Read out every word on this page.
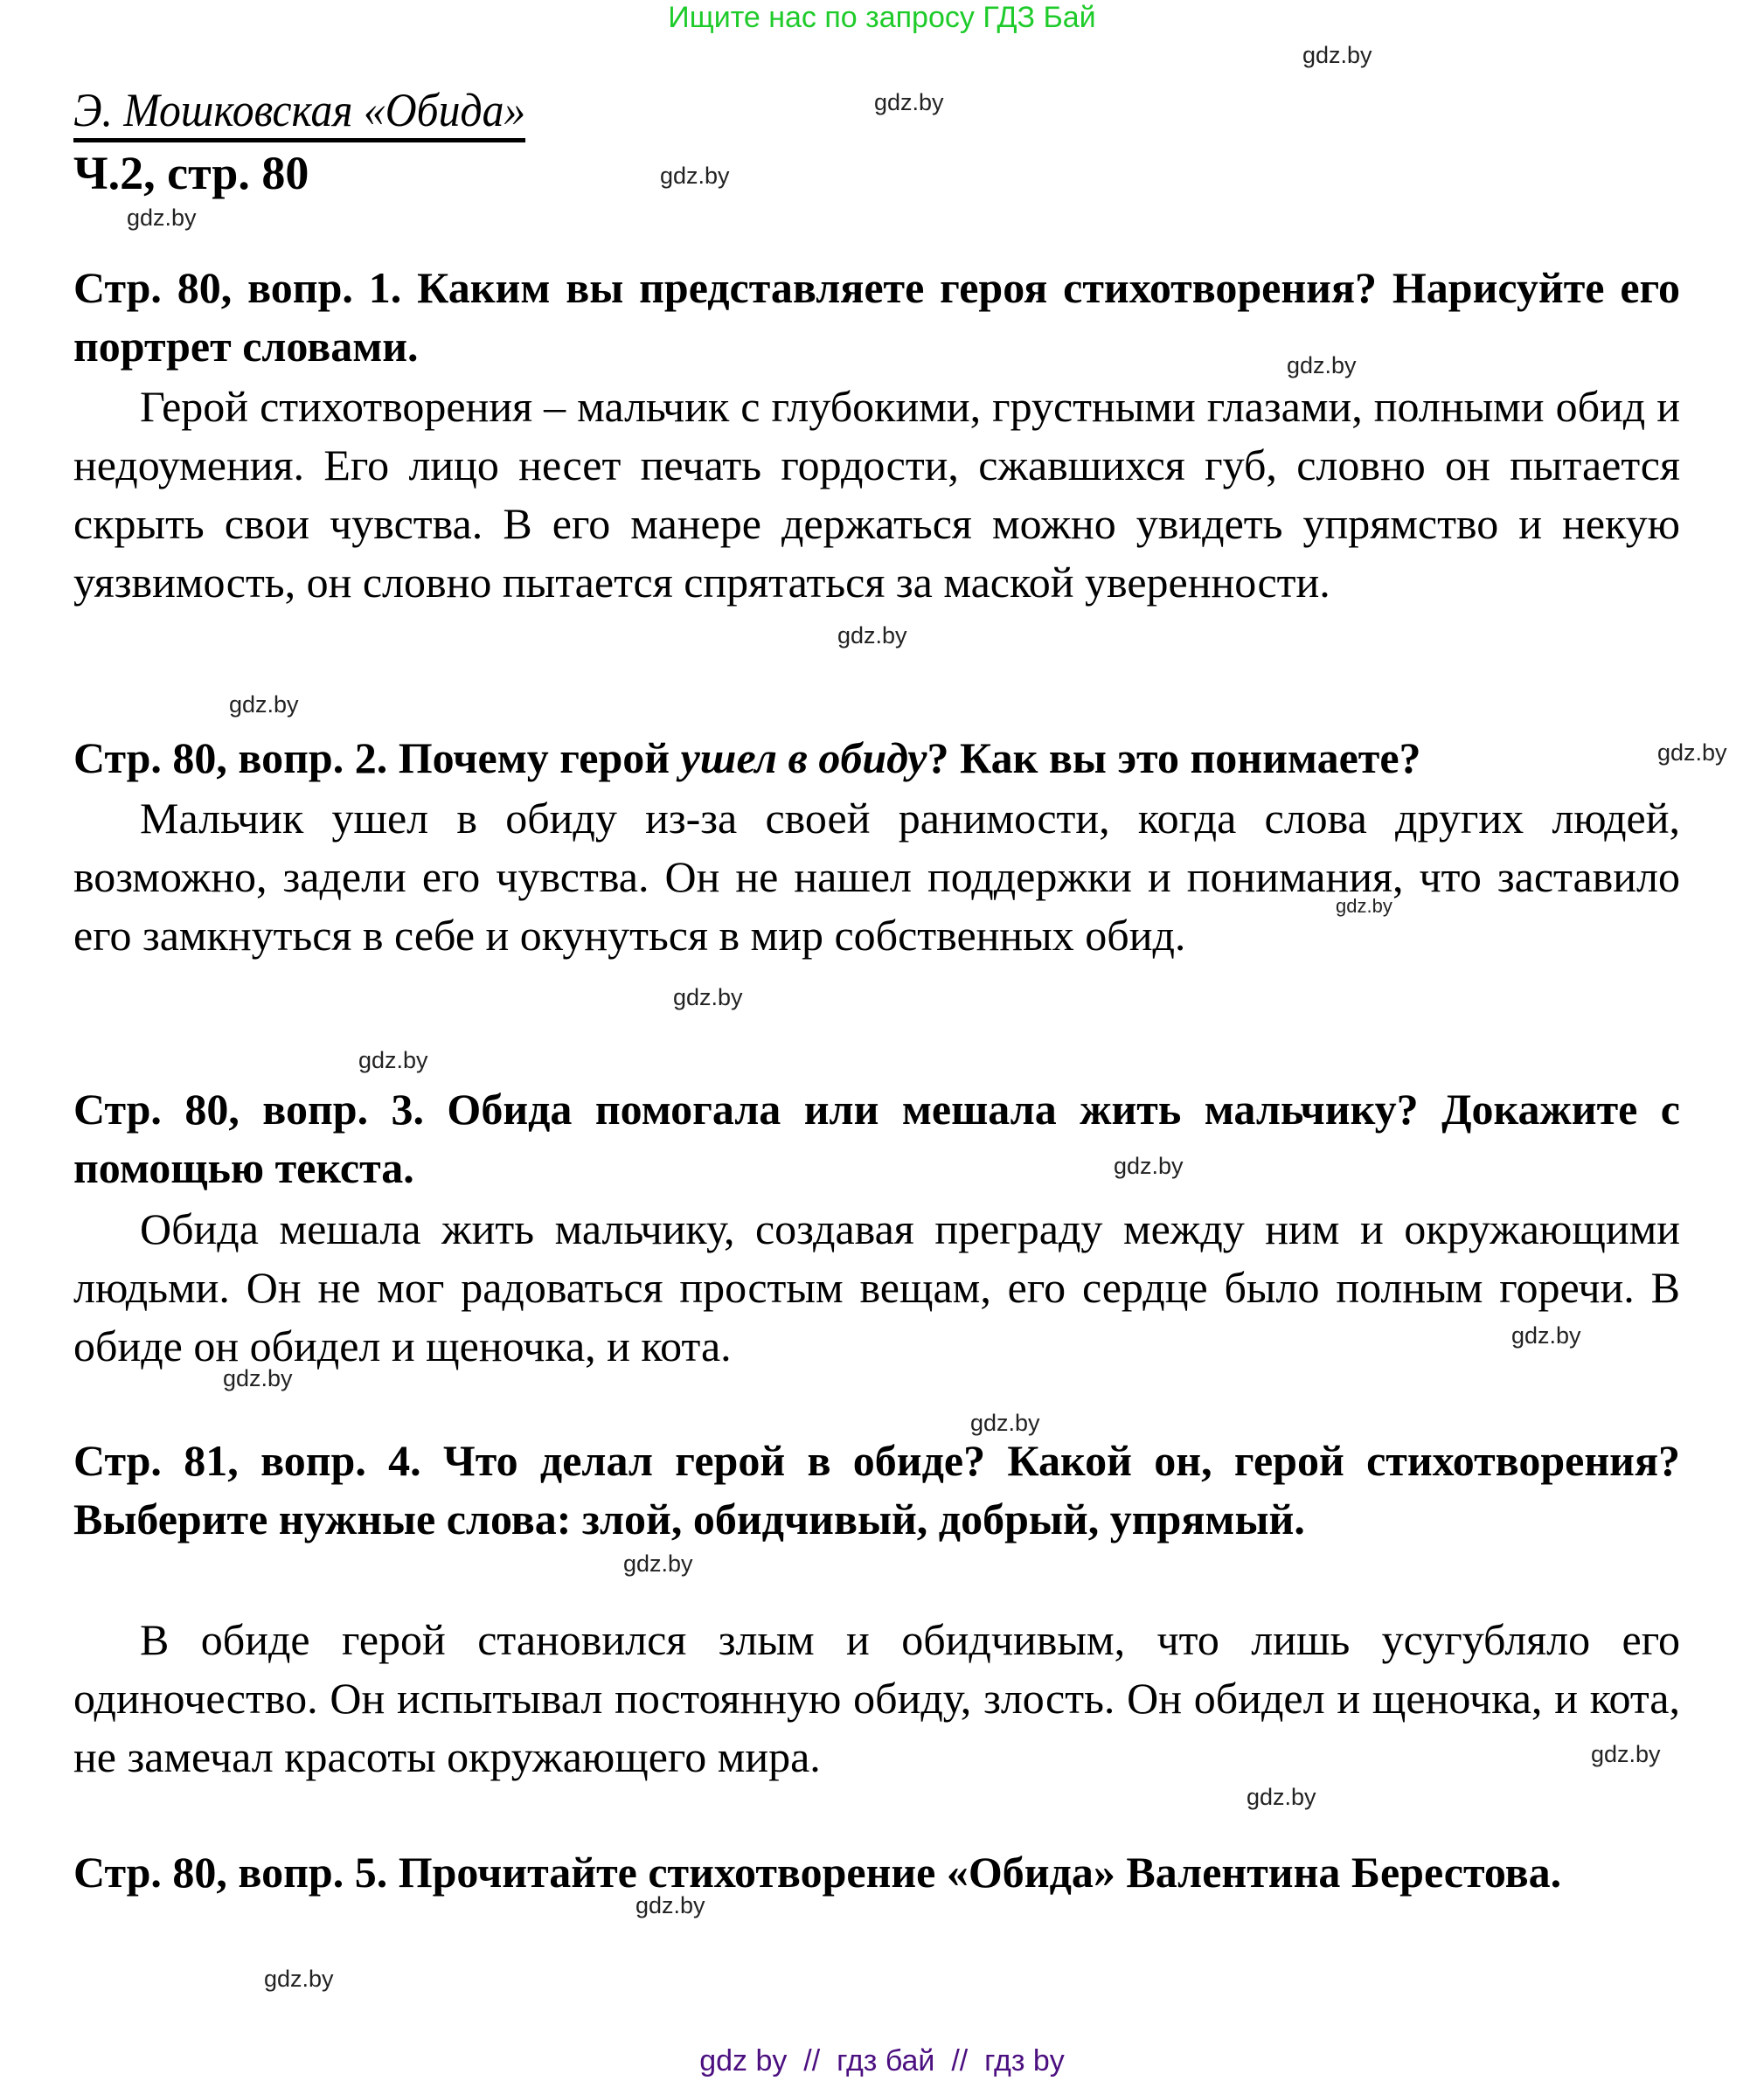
Ищите нас по запросу ГДЗ Бай
Э. Мошковская «Обида»
Ч.2, стр. 80
Стр. 80, вопр. 1. Каким вы представляете героя стихотворения? Нарисуйте его портрет словами.
Герой стихотворения – мальчик с глубокими, грустными глазами, полными обид и недоумения. Его лицо несет печать гордости, сжавшихся губ, словно он пытается скрыть свои чувства. В его манере держаться можно увидеть упрямство и некую уязвимость, он словно пытается спрятаться за маской уверенности.
Стр. 80, вопр. 2. Почему герой ушел в обиду? Как вы это понимаете?
Мальчик ушел в обиду из-за своей ранимости, когда слова других людей, возможно, задели его чувства. Он не нашел поддержки и понимания, что заставило его замкнуться в себе и окунуться в мир собственных обид.
Стр. 80, вопр. 3. Обида помогала или мешала жить мальчику? Докажите с помощью текста.
Обида мешала жить мальчику, создавая преграду между ним и окружающими людьми. Он не мог радоваться простым вещам, его сердце было полным горечи. В обиде он обидел и щеночка, и кота.
Стр. 81, вопр. 4. Что делал герой в обиде? Какой он, герой стихотворения? Выберите нужные слова: злой, обидчивый, добрый, упрямый.
В обиде герой становился злым и обидчивым, что лишь усугубляло его одиночество. Он испытывал постоянную обиду, злость. Он обидел и щеночка, и кота, не замечал красоты окружающего мира.
Стр. 80, вопр. 5. Прочитайте стихотворение «Обида» Валентина Берестова.
gdz.by
gdz.by
gdz.by
gdz.by
gdz.by
gdz.by
gdz.by
gdz.by
gdz.by
gdz.by
gdz.by
gdz.by
gdz.by
gdz.by
gdz.by
gdz.by
gdz.by
gdz.by
gdz.by
gdz.by
gdz by  //  гдз бай  //  гдз by
